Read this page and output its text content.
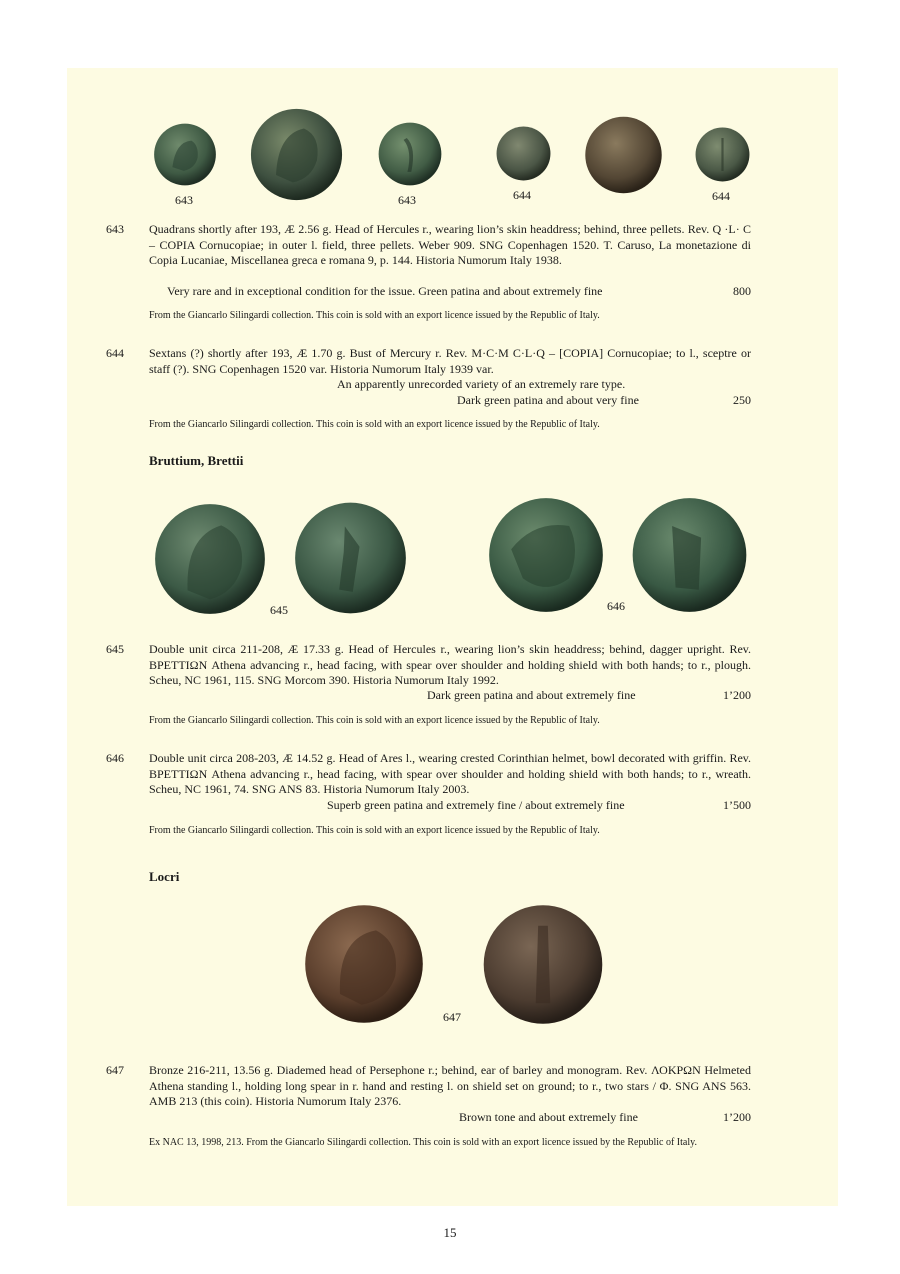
643	643	644	644
645	646
647
643 Quadrans shortly after 193, Æ 2.56 g. Head of Hercules r., wearing lion’s skin headdress; behind, three pellets. Rev. Q ·L· C – COPIA Cornucopiae; in outer l. field, three pellets. Weber 909. SNG Copenhagen 1520. T. Caruso, La monetazione di Copia Lucaniae, Miscellanea greca e romana 9, p. 144. Historia Numorum Italy 1938.
Very rare and in exceptional condition for the issue. Green patina and about extremely fine	800
From the Giancarlo Silingardi collection. This coin is sold with an export licence issued by the Republic of Italy.
644 Sextans (?) shortly after 193, Æ 1.70 g. Bust of Mercury r. Rev. M·C·M C·L·Q – [COPIA] Cornucopiae; to l., sceptre or staff (?). SNG Copenhagen 1520 var. Historia Numorum Italy 1939 var.
An apparently unrecorded variety of an extremely rare type.
Dark green patina and about very fine	250
From the Giancarlo Silingardi collection. This coin is sold with an export licence issued by the Republic of Italy.
Bruttium, Brettii
645 Double unit circa 211-208, Æ 17.33 g. Head of Hercules r., wearing lion’s skin headdress; behind, dagger upright. Rev. ΒΡΕΤΤΙΩΝ Athena advancing r., head facing, with spear over shoulder and holding shield with both hands; to r., plough. Scheu, NC 1961, 115. SNG Morcom 390. Historia Numorum Italy 1992.
Dark green patina and about extremely fine	1’200
From the Giancarlo Silingardi collection. This coin is sold with an export licence issued by the Republic of Italy.
646 Double unit circa 208-203, Æ 14.52 g. Head of Ares l., wearing crested Corinthian helmet, bowl decorated with griffin. Rev. ΒΡΕΤΤΙΩΝ Athena advancing r., head facing, with spear over shoulder and holding shield with both hands; to r., wreath. Scheu, NC 1961, 74. SNG ANS 83. Historia Numorum Italy 2003.
Superb green patina and extremely fine / about extremely fine	1’500
From the Giancarlo Silingardi collection. This coin is sold with an export licence issued by the Republic of Italy.
Locri
647 Bronze 216-211, 13.56 g. Diademed head of Persephone r.; behind, ear of barley and monogram. Rev. ΛΟΚΡΩΝ Helmeted Athena standing l., holding long spear in r. hand and resting l. on shield set on ground; to r., two stars / Φ. SNG ANS 563. AMB 213 (this coin). Historia Numorum Italy 2376.
Brown tone and about extremely fine	1’200
Ex NAC 13, 1998, 213. From the Giancarlo Silingardi collection. This coin is sold with an export licence issued by the Republic of Italy.
15
